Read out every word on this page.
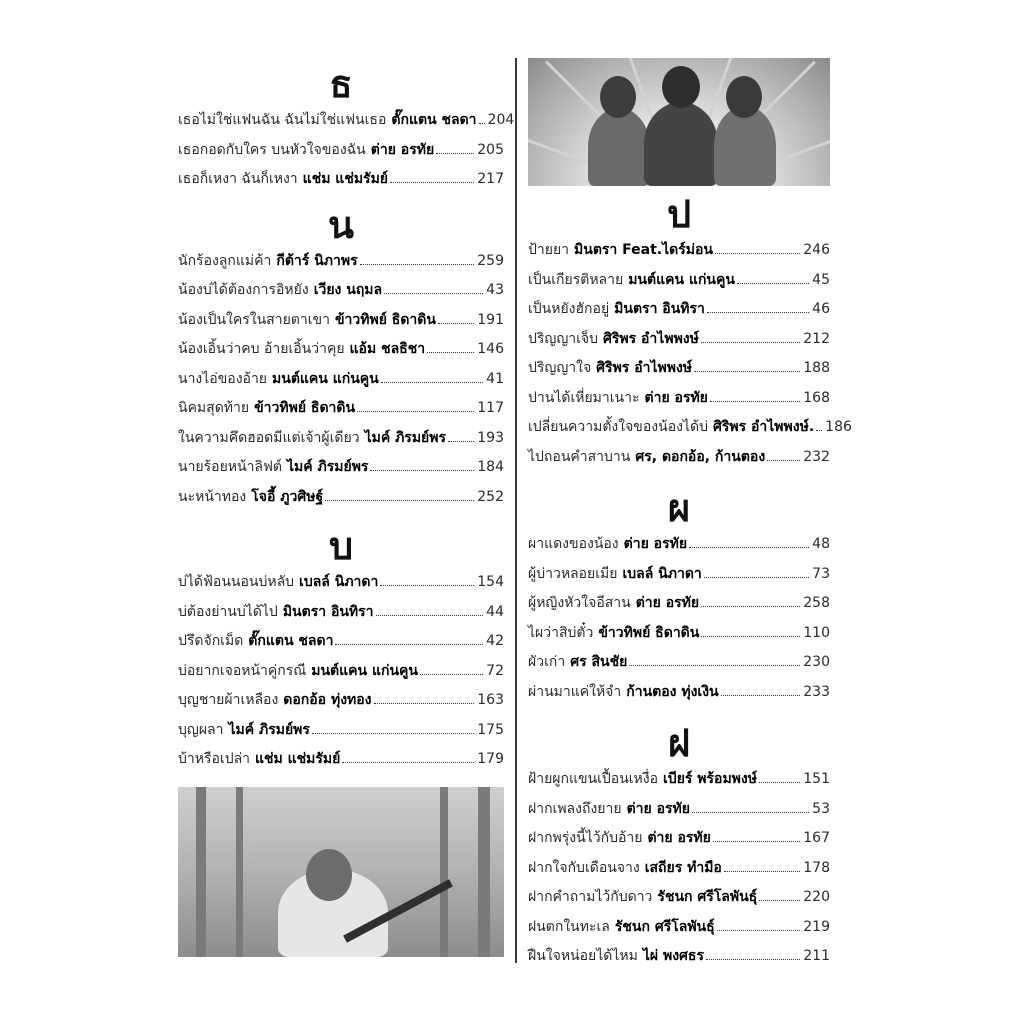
ธ
เธอไม่ใช่แฟนฉัน ฉันไม่ใช่แฟนเธอ ตั๊กแตน ชลดา 204
เธอกอดกับใคร บนหัวใจของฉัน ต่าย อรทัย	205
เธอก็เหงา ฉันก็เหงา แช่ม แช่มรัมย์	217
น
นักร้องลูกแม่ค้า กีต้าร์ นิภาพร	259
น้องบ่ได้ต้องการอิหยัง เวียง นฤมล	43
น้องเป็นใครในสายตาเขา ข้าวทิพย์ ธิดาดิน	191
น้องเอิ้นว่าคบ อ้ายเอิ้นว่าคุย แอ้ม ชลธิชา	146
นางไอ่ของอ้าย มนต์แคน แก่นคูน	41
นิคมสุดท้าย ข้าวทิพย์ ธิดาดิน	117
ในความคึดฮอดมีแต่เจ้าผู้เดียว ไมค์ ภิรมย์พร 193
นายร้อยหน้าลิฟต์ ไมค์ ภิรมย์พร	184
นะหน้าทอง โจอี้ ภูวศิษฐ์	252
บ
บ่ได้ฟ้อนนอนบ่หลับ เบลล์ นิภาดา	154
บ่ต้องย่านบ่ได้ไป มินตรา อินทิรา	44
ปรึดจักเม็ด ตั๊กแตน ชลดา	42
บ่อยากเจอหน้าคู่กรณี มนต์แคน แก่นคูน	72
บุญชายผ้าเหลือง ดอกอ้อ ทุ่งทอง	163
บุญผลา ไมค์ ภิรมย์พร	175
บ้าหรือเปล่า แช่ม แช่มรัมย์	179
ป
ป้ายยา มินตรา Feat.ไดร์ม่อน	246
เป็นเกียรติหลาย มนต์แคน แก่นคูน	45
เป็นหยังฮักอยู่ มินตรา อินทิรา	46
ปริญญาเจ็บ ศิริพร อำไพพงษ์	212
ปริญญาใจ ศิริพร อำไพพงษ์	188
ปานได้เหี่ยมาเนาะ ต่าย อรทัย	168
เปลี่ยนความตั้งใจของน้องได้บ่ ศิริพร อำไพพงษ์. 186
ไปถอนคำสาบาน ศร, ดอกอ้อ, ก้านตอง	232
ผ
ผาแดงของน้อง ต่าย อรทัย	48
ผู้บ่าวหลอยเมีย เบลล์ นิภาดา	73
ผู้หญิงหัวใจอีสาน ต่าย อรทัย	258
ไผว่าสิบ่ตั๋ว ข้าวทิพย์ ธิดาดิน	110
ผัวเก่า ศร สินชัย	230
ผ่านมาแค่ให้จำ ก้านตอง ทุ่งเงิน	233
ฝ
ฝ้ายผูกแขนเปื้อนเหงื่อ เบียร์ พร้อมพงษ์	151
ฝากเพลงถึงยาย ต่าย อรทัย	53
ฝากพรุ่งนี้ไว้กับอ้าย ต่าย อรทัย	167
ฝากใจกับเดือนจาง เสถียร ทำมือ	178
ฝากคำถามไว้กับดาว รัชนก ศรีโลพันธุ์	220
ฝนตกในทะเล รัชนก ศรีโลพันธุ์	219
ฝืนใจหน่อยได้ไหม ไผ่ พงศธร	211
